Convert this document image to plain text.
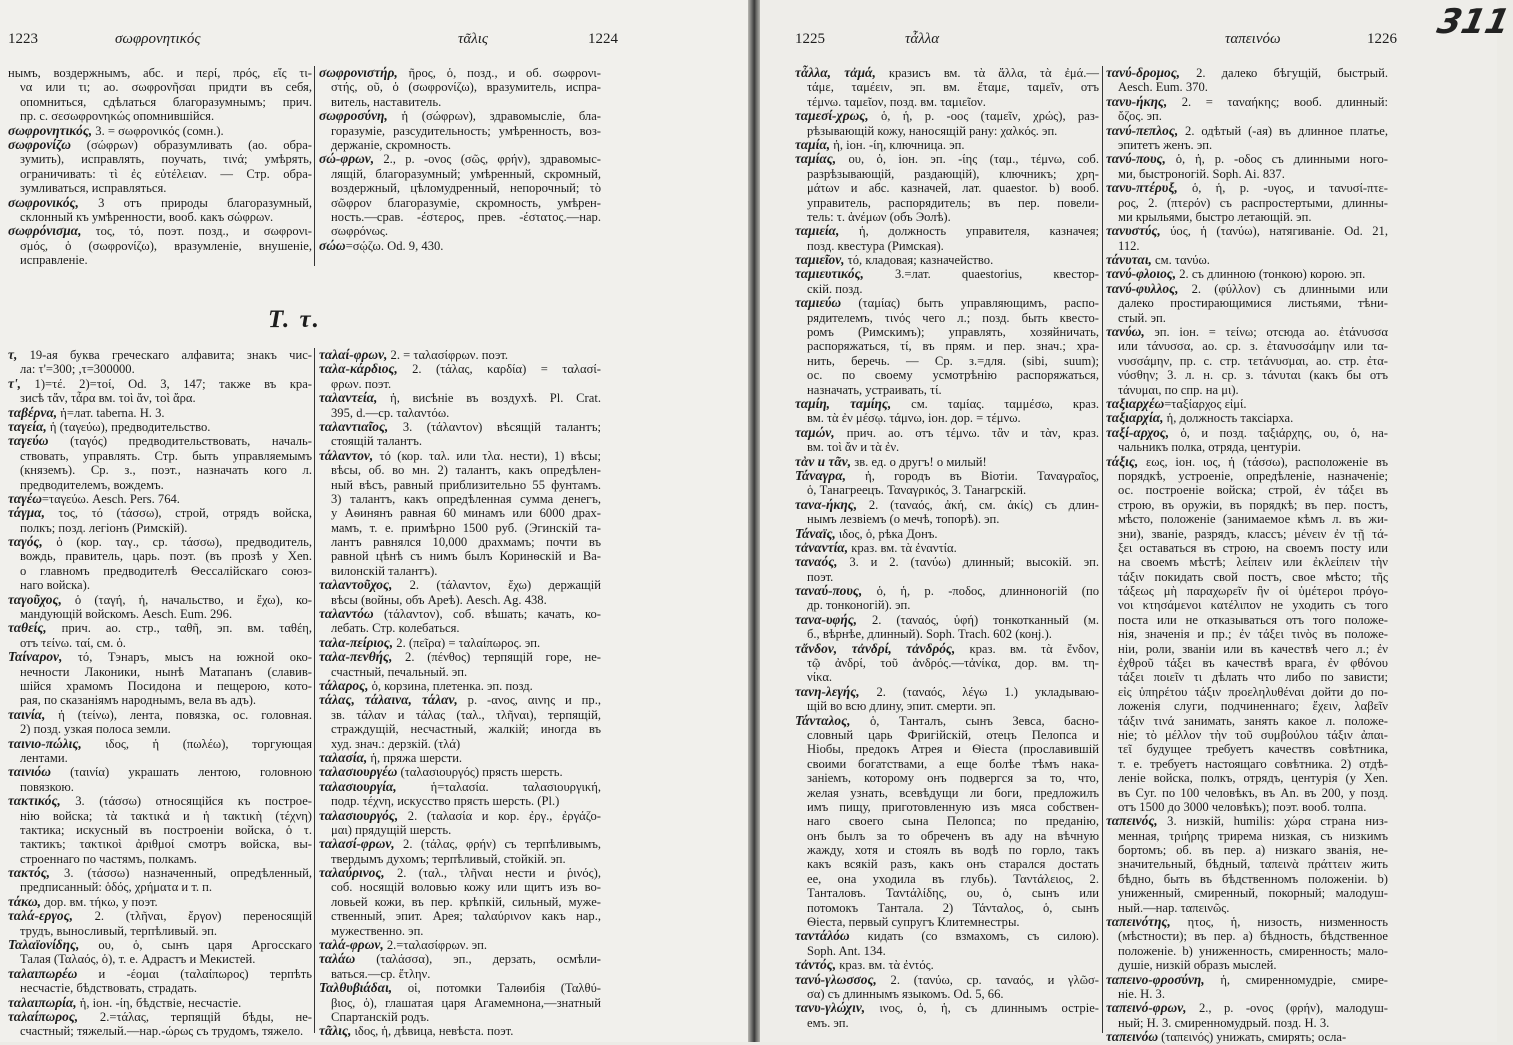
1223	σωφρονητικός	τᾶλις	1224
нымъ, воздержнымъ, абс. и περί, πρός, εἴς τι-
να или τι; ао. σωφρονῆσαι придти въ себя,
опомниться, сдѣлаться благоразумнымъ; прич.
пр. с. σεσωφρονηκώς опомнившійся.
σωφρονητικός, 3. = σωφρονικός (сомн.).
σωφρονίζω (σώφρων) образумливать (ао. обра-
зумить), исправлять, поучать, τινά; умѣрять,
ограничивать: τὶ ἐς εὐτέλειαν. — Стр. обра-
зумливаться, исправляться.
σωφρονικός, 3 отъ природы благоразумный,
склонный къ умѣренности, вооб. какъ σώφρων.
σωφρόνισμα, τος, τό, поэт. позд., и σωφρονι-
σμός, ὁ (σωφρονίζω), вразумленіе, внушеніе,
исправленіе.
σωφρονιστήρ, ῆρος, ὁ, позд., и об. σωφρονι-
στής, οῦ, ὁ (σωφρονίζω), вразумитель, испра-
витель, наставитель.
σωφροσύνη, ἡ (σώφρων), здравомысліе, бла-
горазуміе, разсудительность; умѣренность, воз-
держаніе, скромность.
σώ-φρων, 2., р. -ονος (σῶς, φρήν), здравомыс-
лящій, благоразумный; умѣренный, скромный,
воздержный, цѣломудренный, непорочный; τὸ
σῶφρον благоразуміе, скромность, умѣрен-
ность.—срав. -έστερος, прев. -έστατος.—нар.
σωφρόνως.
σώω=σῴζω. Od. 9, 430.
Τ. τ.
τ, 19-ая буква греческаго алфавита; знакъ чис-
ла: τ'=300; ,τ=300000.
τ', 1)=τέ. 2)=τοί, Od. 3, 147; также въ кра-
зисѣ τἄν, τἆρα вм. τοὶ ἄν, τοὶ ἄρα.
ταβέρνα, ἡ=лат. taberna. H. 3.
ταγεία, ἡ (ταγεύω), предводительство.
ταγεύω (ταγός) предводительствовать, началь-
ствовать, управлять. Стр. быть управляемымъ
(княземъ). Ср. з., поэт., назначать кого л.
предводителемъ, вождемъ.
ταγέω=ταγεύω. Aesch. Pers. 764.
τάγμα, τος, τό (τάσσω), строй, отрядъ войска,
полкъ; позд. легіонъ (Римскій).
ταγός, ὁ (кор. ταγ., ср. τάσσω), предводитель,
вождь, правитель, царь. поэт. (въ прозѣ у Xen.
о главномъ предводителѣ Ѳессалійскаго союз-
наго войска).
ταγοῦχος, ὁ (ταγή, ἡ, начальство, и ἔχω), ко-
мандующій войскомъ. Aesch. Eum. 296.
ταθείς, прич. ао. стр., ταθῆ, эп. вм. ταθέη,
отъ τείνω. ταί, см. ὁ.
Ταίναρον, τό, Тэнаръ, мысъ на южной око-
нечности Лаконики, нынѣ Матапанъ (славив-
шійся храмомъ Посидона и пещерою, кото-
рая, по сказаніямъ народнымъ, вела въ адъ).
ταινία, ἡ (τείνω), лента, повязка, ос. головная.
2) позд. узкая полоса земли.
ταινιο-πώλις, ιδος, ἡ (πωλέω), торгующая
лентами.
ταινιόω (ταινία) украшать лентою, головною
повязкою.
τακτικός, 3. (τάσσω) относящійся къ построе-
нію войска; τὰ τακτικά и ἡ τακτικὴ (τέχνη)
тактика; искусный въ построеніи войска, ὁ τ.
тактикъ; τακτικοὶ ἀριθμοί смотръ войска, вы-
строеннаго по частямъ, полкамъ.
τακτός, 3. (τάσσω) назначенный, опредѣленный,
предписанный: ὁδός, χρήματα и т. п.
τάκω, дор. вм. τήκω, у поэт.
ταλά-εργος, 2. (τλῆναι, ἔργον) переносящій
трудъ, выносливый, терпѣливый. эп.
Ταλαϊονίδης, ου, ὁ, сынъ царя Аргосскаго
Талая (Ταλαός, ὁ), т. е. Адрастъ и Мекистей.
ταλαιπωρέω и -έομαι (ταλαίπωρος) терпѣть
несчастіе, бѣдствовать, страдать.
ταλαιπωρία, ἡ, іон. -ίη, бѣдствіе, несчастіе.
ταλαίπωρος, 2.=τάλας, терпящій бѣды, не-
счастный; тяжелый.—нар.-ώρως съ трудомъ, тяжело.
ταλαί-φρων, 2. = ταλασίφρων. поэт.
ταλα-κάρδιος, 2. (τάλας, καρδία) = ταλασί-
φρων. поэт.
ταλαντεία, ἡ, висѣніе въ воздухѣ. Pl. Crat.
395, d.—ср. ταλαντόω.
ταλαντιαῖος, 3. (τάλαντον) вѣсящій талантъ;
стоящій талантъ.
τάλαντον, τό (кор. ταλ. или τλα. нести), 1) вѣсы;
вѣсы, об. во мн. 2) талантъ, какъ опредѣлен-
ный вѣсъ, равный приблизительно 55 фунтамъ.
3) талантъ, какъ опредѣленная сумма денегъ,
у Аѳинянъ равная 60 минамъ или 6000 драх-
мамъ, т. е. примѣрно 1500 руб. (Эгинскій та-
лантъ равнялся 10,000 драхмамъ; почти въ
равной цѣнѣ съ нимъ былъ Коринѳскій и Ва-
вилонскій талантъ).
ταλαντοῦχος, 2. (τάλαντον, ἔχω) держащій
вѣсы (войны, объ Арeѣ). Aesch. Ag. 438.
ταλαντόω (τάλαντον), соб. вѣшать; качать, ко-
лебать. Стр. колебаться.
ταλα-πείριος, 2. (πεῖρα) = ταλαίπωρος. эп.
ταλα-πενθής, 2. (πένθος) терпящій горе, не-
счастный, печальный. эп.
τάλαρος, ὁ, корзина, плетенка. эп. позд.
τάλας, τάλαινα, τάλαν, р. -ανος, αινης и пр.,
зв. τάλαν и τάλας (ταλ., τλῆναι), терпящій,
страждущій, несчастный, жалкій; иногда въ
худ. знач.: дерзкій. (τλά)
ταλασία, ἡ, пряжа шерсти.
ταλασιουργέω (ταλασιουργός) прясть шерсть.
ταλασιουργία, ἡ=ταλασία. ταλασιουργική,
подр. τέχνη, искусство прясть шерсть. (Pl.)
ταλασιουργός, 2. (ταλασία и кор. ἐργ., ἐργάζο-
μαι) прядущій шерсть.
ταλασί-φρων, 2. (τάλας, φρήν) съ терпѣливымъ,
твердымъ духомъ; терпѣливый, стойкій. эп.
ταλαύρινος, 2. (ταλ., τλῆναι нести и ῥινός),
соб. носящій воловью кожу или щитъ изъ во-
ловьей кожи, въ пер. крѣпкій, сильный, муже-
ственный, эпит. Арея; ταλαύρινον какъ нар.,
мужественно. эп.
ταλά-φρων, 2.=ταλασίφρων. эп.
ταλάω (ταλάσσα), эп., дерзать, осмѣли-
ваться.—ср. ἔτλην.
Ταλθυβιάδαι, οἱ, потомки Талѳибія (Ταλθύ-
βιος, ὁ), глашатая царя Агамемнона,—знатный
Спартанскій родъ.
τᾶλις, ιδος, ἡ, дѣвица, невѣста. поэт.
1225	τἆλλα	ταπεινόω	1226
τἆλλα, τἀμά, кразисъ вм. τὰ ἄλλα, τὰ ἐμά.—
τάμε, ταμέειν, эп. вм. ἔταμε, ταμεῖν, отъ
τέμνω. ταμεῖον, позд. вм. ταμιεῖον.
ταμεσί-χρως, ὁ, ἡ, р. -οος (ταμεῖν, χρώς), раз-
рѣзывающій кожу, наносящій рану: χαλκός. эп.
ταμία, ἡ, іон. -ίη, ключница. эп.
ταμίας, ου, ὁ, іон. эп. -ίης (ταμ., τέμνω, соб.
разрѣзывающій, раздающій), ключникъ; χρη-
μάτων и абс. казначей, лат. quaestor. b) вооб.
управитель, распорядитель; въ пер. повели-
тель: τ. ἀνέμων (объ Эолѣ).
ταμιεία, ἡ, должность управителя, казначея;
позд. квестура (Римская).
ταμιεῖον, τό, кладовая; казначейство.
ταμιευτικός, 3.=лат. quaestorius, квестор-
скій. позд.
ταμιεύω (ταμίας) быть управляющимъ, распо-
рядителемъ, τινός чего л.; позд. быть квесто-
ромъ (Римскимъ); управлять, хозяйничать,
распоряжаться, τί, въ прям. и пер. знач.; хра-
нить, беречь. — Ср. з.=для. (sibi, suum);
ос. по своему усмотрѣнію распоряжаться,
назначать, устраивать, τί.
ταμίη, ταμίης, см. ταμίας. ταμμέσω, краз.
вм. τὰ ἐν μέσῳ. τάμνω, іон. дор. = τέμνω.
ταμών, прич. ао. отъ τέμνω. τἂν и τὰν, краз.
вм. τοὶ ἄν и τὰ ἐν.
τὰν и τᾶν, зв. ед. о другъ! о милый!
Τάναγρα, ἡ, городъ въ Віотіи. Ταναγραῖος,
ὁ, Танагреецъ. Ταναγρικός, 3. Танагрскій.
τανα-ήκης, 2. (ταναός, ἀκή, см. ἀκίς) съ длин-
нымъ лезвіемъ (о мечѣ, топорѣ). эп.
Τάναϊς, ιδος, ὁ, рѣка Донъ.
τἀναντία, краз. вм. τὰ ἐναντία.
ταναός, 3. и 2. (τανύω) длинный; высокій. эп.
поэт.
ταναύ-πους, ὁ, ἡ, р. -ποδος, длинноногій (по
др. тонконогій). эп.
τανα-υφής, 2. (ταναός, ὑφή) тонкотканный (м.
б., вѣрнѣе, длинный). Soph. Trach. 602 (конj.).
τἄνδον, τἀνδρί, τἀνδρός, краз. вм. τὰ ἔνδον,
τῷ ἀνδρί, τοῦ ἀνδρός.—τἀνίκα, дор. вм. τη-
νίκα.
τανη-λεγής, 2. (ταναός, λέγω 1.) укладываю-
щій во всю длину, эпит. смерти. эп.
Τάνταλος, ὁ, Танталъ, сынъ Зевса, басно-
словный царь Фригійскій, отецъ Пелопса и
Ніобы, предокъ Атрея и Ѳіеста (прославившій
своими богатствами, а еще болѣе тѣмъ нака-
заніемъ, которому онъ подвергся за то, что,
желая узнать, всевѣдущи ли боги, предложилъ
имъ пищу, приготовленную изъ мяса собствен-
наго своего сына Пелопса; по преданію,
онъ былъ за то обреченъ въ аду на вѣчную
жажду, хотя и стоялъ въ водѣ по горло, такъ
какъ всякій разъ, какъ онъ старался достать
ее, она уходила въ глубь). Ταντάλειος, 2.
Танталовъ. Ταντάλίδης, ου, ὁ, сынъ или
потомокъ Тантала. 2) Τάνταλος, ὁ, сынъ
Ѳіеста, первый супругъ Клитемнестры.
ταντάλόω кидать (со взмахомъ, съ силою).
Soph. Ant. 134.
τἀντός, краз. вм. τὰ ἐντός.
τανύ-γλωσσος, 2. (τανύω, ср. ταναός, и γλῶσ-
σα) съ длиннымъ языкомъ. Od. 5, 66.
τανυ-γλώχιν, ινος, ὁ, ἡ, съ длиннымъ остріе-
емъ. эп.
τανύ-δρομος, 2. далеко бѣгущій, быстрый.
Aesch. Eum. 370.
τανυ-ήκης, 2. = ταναήκης; вооб. длинный:
ὄζος. эп.
τανύ-πεπλος, 2. одѣтый (-ая) въ длинное платье,
эпитетъ женъ. эп.
τανύ-πους, ὁ, ἡ, р. -οδος съ длинными ного-
ми, быстроногій. Soph. Ai. 837.
τανυ-πτέρυξ, ὁ, ἡ, р. -υγος, и τανυσί-πτε-
ρος, 2. (πτερόν) съ распростертыми, длинны-
ми крыльями, быстро летающій. эп.
τανυστύς, ύος, ἡ (τανύω), натягиваніе. Od. 21,
112.
τάνυται, см. τανύω.
τανύ-φλοιος, 2. съ длинною (тонкою) корою. эп.
τανύ-φυλλος, 2. (φύλλον) съ длинными или
далеко простирающимися листьями, тѣни-
стый. эп.
τανύω, эп. іон. = τείνω; отсюда ао. ἐτάνυσσα
или τάνυσσα, ао. ср. з. ἐτανυσσάμην или τα-
νυσσάμην, пр. с. стр. τετάνυσμαι, ао. стр. ἐτα-
νύσθην; 3. л. н. ср. з. τάνυται (какъ бы отъ
τάνυμαι, по спр. на μι).
ταξιαρχέω=ταξίαρχος εἰμί.
ταξιαρχία, ἡ, должность таксіарха.
ταξί-αρχος, ὁ, и позд. ταξιάρχης, ου, ὁ, на-
чальникъ полка, отряда, центуріи.
τάξις, εως, іон. ιος, ἡ (τάσσω), расположеніе въ
порядкѣ, устроеніе, опредѣленіе, назначеніе;
ос. построеніе войска; строй, ἐν τάξει въ
строю, въ оружіи, въ порядкѣ; въ пер. постъ,
мѣсто, положеніе (занимаемое кѣмъ л. въ жи-
зни), званіе, разрядъ, классъ; μένειν ἐν τῇ τά-
ξει оставаться въ строю, на своемъ посту или
на своемъ мѣстѣ; λείπειν или ἐκλείπειν τὴν
τάξιν покидать свой постъ, свое мѣсто; τῆς
τάξεως μὴ παραχωρεῖν ἣν οἱ ὑμέτεροι πρόγο-
νοι κτησάμενοι κατέλιπον не уходить съ того
поста или не отказываться отъ того положе-
нія, значенія и пр.; ἐν τάξει τινὸς въ положе-
ніи, роли, званіи или въ качествѣ чего л.; ἐν
ἐχθροῦ τάξει въ качествѣ врага, ἐν φθόνου
τάξει ποιεῖν τι дѣлать что либо по зависти;
εἰς ὑπηρέτου τάξιν προεληλυθέναι дойти до по-
ложенія слуги, подчиненнаго; ἔχειν, λαβεῖν
τάξιν τινά занимать, занять какое л. положе-
ніе; τὸ μέλλον τὴν τοῦ συμβούλου τάξιν ἀπαι-
τεῖ будущее требуетъ качествъ совѣтника,
т. е. требуетъ настоящаго совѣтника. 2) отдѣ-
леніе войска, полкъ, отрядъ, центурія (у Xen.
въ Cyr. по 100 человѣкъ, въ An. въ 200, у позд.
отъ 1500 до 3000 человѣкъ); поэт. вооб. толпа.
ταπεινός, 3. низкій, humilis: χώρα страна низ-
менная, τριήρης трирема низкая, съ низкимъ
бортомъ; об. въ пер. a) низкаго званія, не-
значительный, бѣдный, ταπεινὰ πράττειν жить
бѣдно, быть въ бѣдственномъ положеніи. b)
униженный, смиренный, покорный; малодуш-
ный.—нар. ταπεινῶς.
ταπεινότης, ητος, ἡ, низость, низменность
(мѣстности); въ пер. a) бѣдность, бѣдственное
положеніе. b) униженность, смиренность; мало-
душіе, низкій образъ мыслей.
ταπεινο-φροσύνη, ἡ, смиренномудріе, смире-
ніе. H. 3.
ταπεινό-φρων, 2., р. -ονος (φρήν), малодуш-
ный; H. 3. смиренномудрый. позд. H. 3.
ταπεινόω (ταπεινός) унижать, смирять; осла-
311
